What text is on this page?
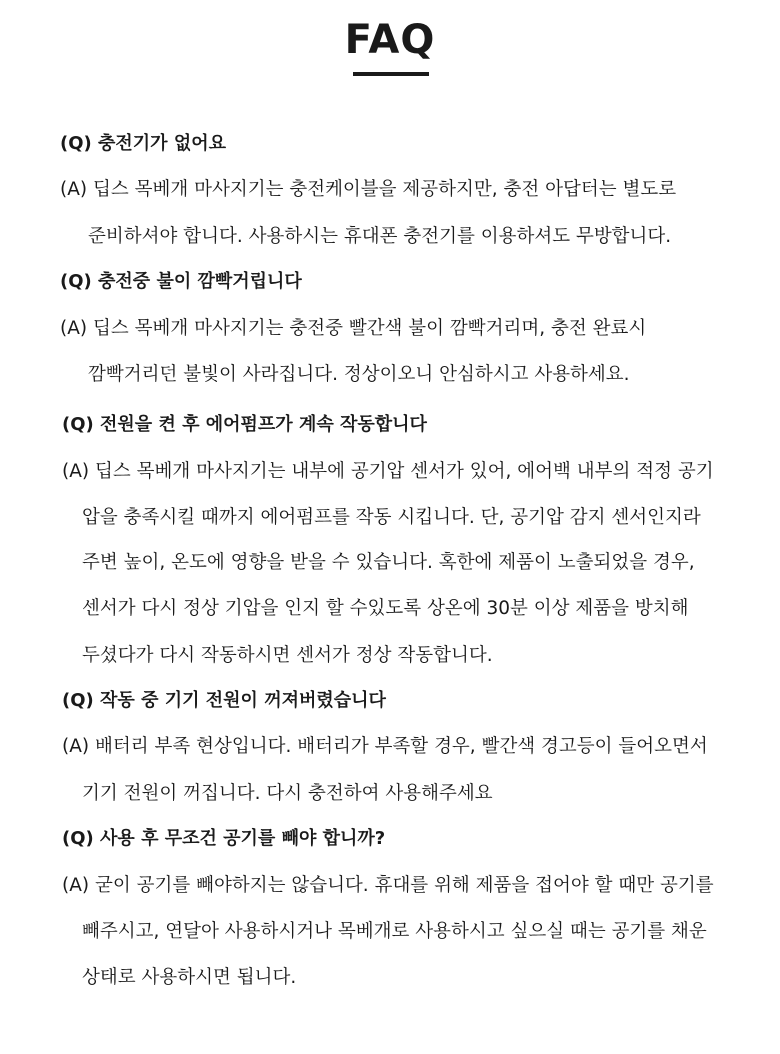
FAQ
(Q) 충전기가 없어요
(A) 딥스 목베개 마사지기는 충전케이블을 제공하지만, 충전 아답터는 별도로
준비하셔야 합니다. 사용하시는 휴대폰 충전기를 이용하셔도 무방합니다.
(Q) 충전중 불이 깜빡거립니다
(A) 딥스 목베개 마사지기는 충전중 빨간색 불이 깜빡거리며, 충전 완료시
깜빡거리던 불빛이 사라집니다. 정상이오니 안심하시고 사용하세요.
(Q) 전원을 켠 후 에어펌프가 계속 작동합니다
(A) 딥스 목베개 마사지기는 내부에 공기압 센서가 있어, 에어백 내부의 적정 공기
압을 충족시킬 때까지 에어펌프를 작동 시킵니다. 단, 공기압 감지 센서인지라
주변 높이, 온도에 영향을 받을 수 있습니다. 혹한에 제품이 노출되었을 경우,
센서가 다시 정상 기압을 인지 할 수있도록 상온에 30분 이상 제품을 방치해
두셨다가 다시 작동하시면 센서가 정상 작동합니다.
(Q) 작동 중 기기 전원이 꺼져버렸습니다
(A) 배터리 부족 현상입니다. 배터리가 부족할 경우, 빨간색 경고등이 들어오면서
기기 전원이 꺼집니다. 다시 충전하여 사용해주세요
(Q) 사용 후 무조건 공기를 빼야 합니까?
(A) 굳이 공기를 빼야하지는 않습니다. 휴대를 위해 제품을 접어야 할 때만 공기를
빼주시고, 연달아 사용하시거나 목베개로 사용하시고 싶으실 때는 공기를 채운
상태로 사용하시면 됩니다.
